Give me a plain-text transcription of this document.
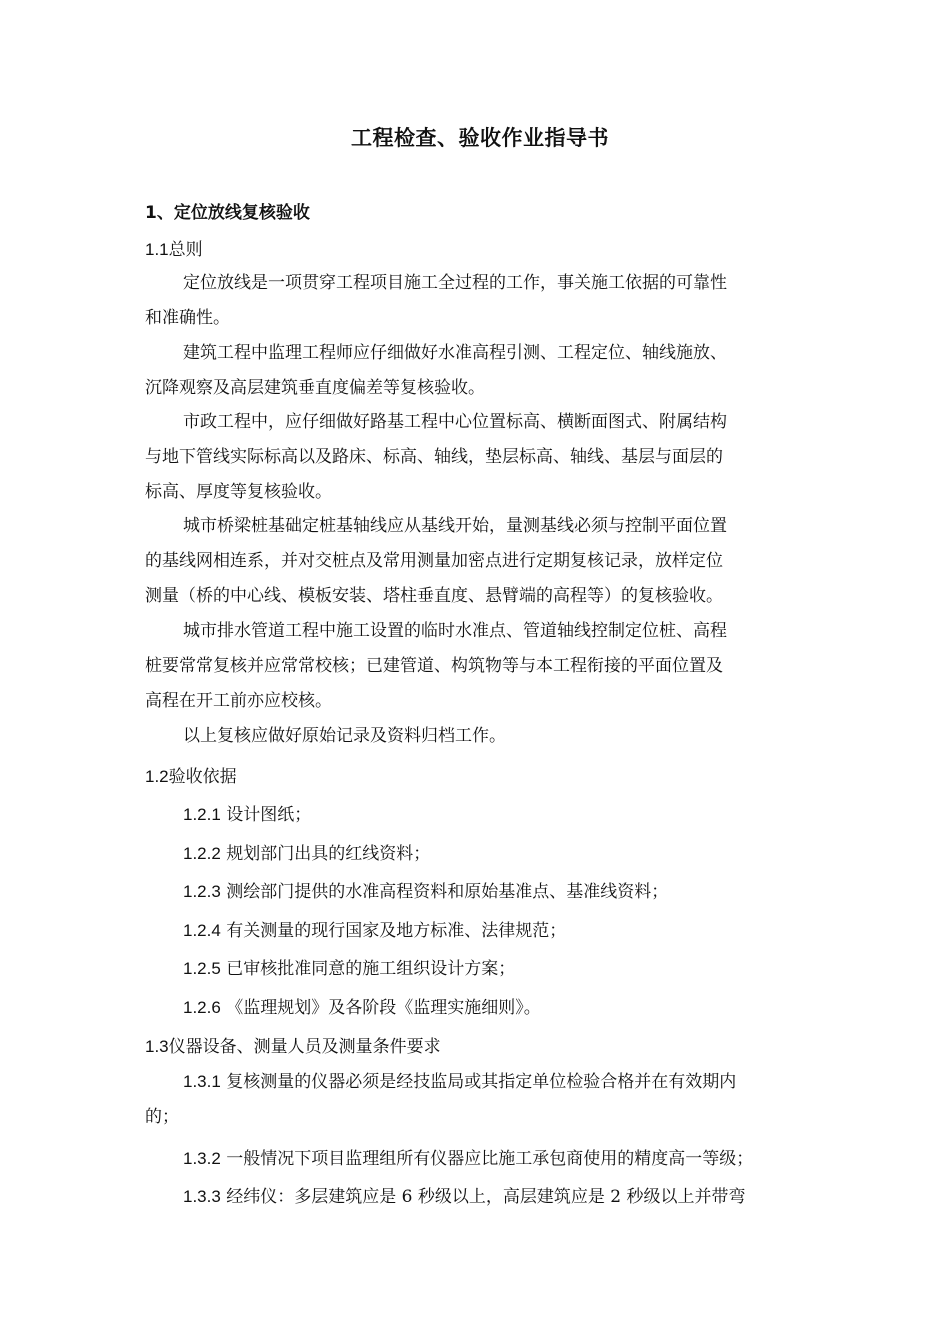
工程检查、验收作业指导书
1、定位放线复核验收
1.1总则
定位放线是一项贯穿工程项目施工全过程的工作，事关施工依据的可靠性
和准确性。
建筑工程中监理工程师应仔细做好水准高程引测、工程定位、轴线施放、
沉降观察及高层建筑垂直度偏差等复核验收。
市政工程中，应仔细做好路基工程中心位置标高、横断面图式、附属结构
与地下管线实际标高以及路床、标高、轴线，垫层标高、轴线、基层与面层的
标高、厚度等复核验收。
城市桥梁桩基础定桩基轴线应从基线开始，量测基线必须与控制平面位置
的基线网相连系，并对交桩点及常用测量加密点进行定期复核记录，放样定位
测量（桥的中心线、模板安装、塔柱垂直度、悬臂端的高程等）的复核验收。
城市排水管道工程中施工设置的临时水准点、管道轴线控制定位桩、高程
桩要常常复核并应常常校核；已建管道、构筑物等与本工程衔接的平面位置及
高程在开工前亦应校核。
以上复核应做好原始记录及资料归档工作。
1.2验收依据
1.2.1 设计图纸；
1.2.2 规划部门出具的红线资料；
1.2.3 测绘部门提供的水准高程资料和原始基准点、基准线资料；
1.2.4 有关测量的现行国家及地方标准、法律规范；
1.2.5 已审核批准同意的施工组织设计方案；
1.2.6 《监理规划》及各阶段《监理实施细则》。
1.3仪器设备、测量人员及测量条件要求
1.3.1 复核测量的仪器必须是经技监局或其指定单位检验合格并在有效期内
的；
1.3.2 一般情况下项目监理组所有仪器应比施工承包商使用的精度高一等级；
1.3.3 经纬仪：多层建筑应是 6 秒级以上，高层建筑应是 2 秒级以上并带弯
